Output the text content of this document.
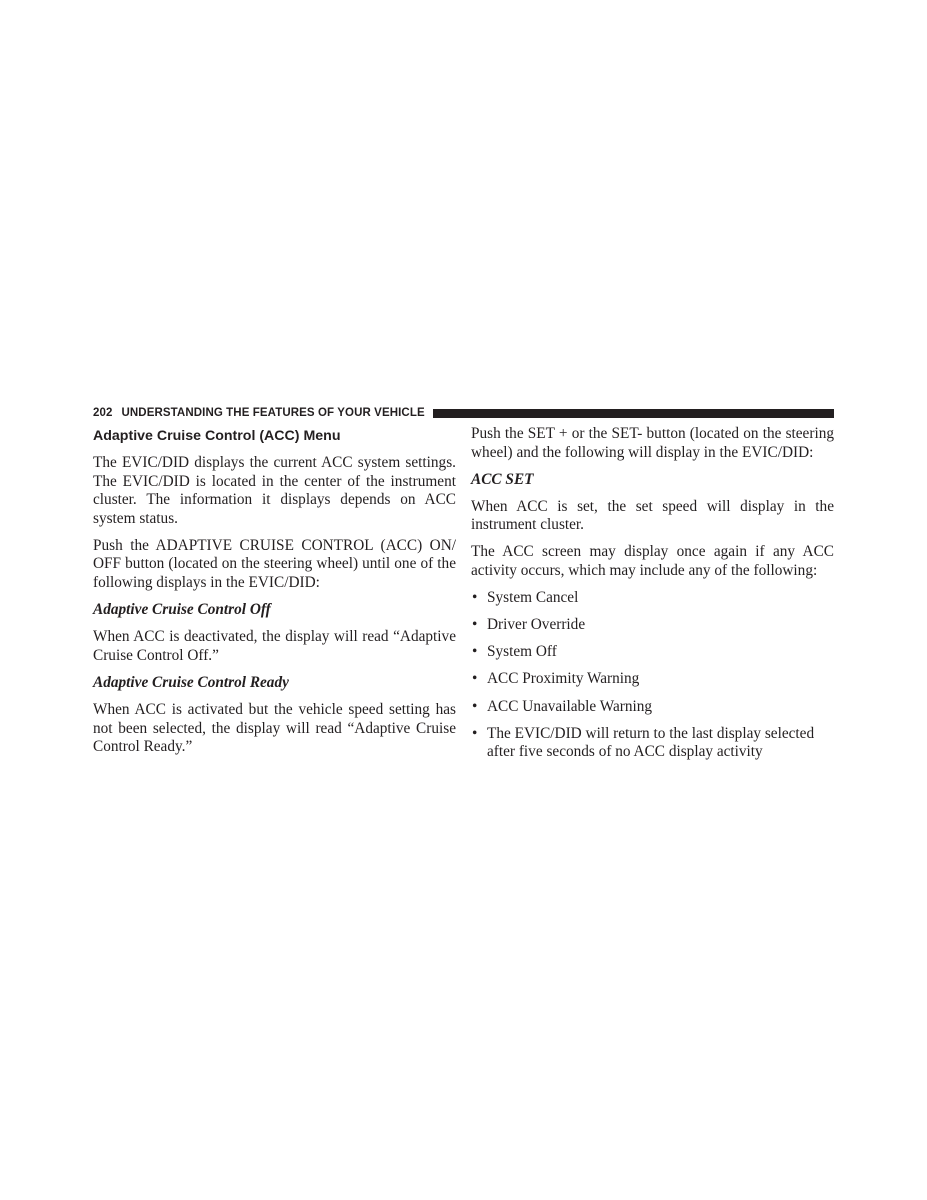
202 UNDERSTANDING THE FEATURES OF YOUR VEHICLE
Adaptive Cruise Control (ACC) Menu

The EVIC/DID displays the current ACC system settings. The EVIC/DID is located in the center of the instrument cluster. The information it displays depends on ACC system status.

Push the ADAPTIVE CRUISE CONTROL (ACC) ON/​OFF button (located on the steering wheel) until one of the following displays in the EVIC/DID:

Adaptive Cruise Control Off

When ACC is deactivated, the display will read “Adaptive Cruise Control Off.”

Adaptive Cruise Control Ready

When ACC is activated but the vehicle speed setting has not been selected, the display will read “Adaptive Cruise Control Ready.”

Push the SET + or the SET- button (located on the steering wheel) and the following will display in the EVIC/DID:

ACC SET

When ACC is set, the set speed will display in the instrument cluster.

The ACC screen may display once again if any ACC activity occurs, which may include any of the following:

• System Cancel
• Driver Override
• System Off
• ACC Proximity Warning
• ACC Unavailable Warning
• The EVIC/DID will return to the last display selected after five seconds of no ACC display activity
